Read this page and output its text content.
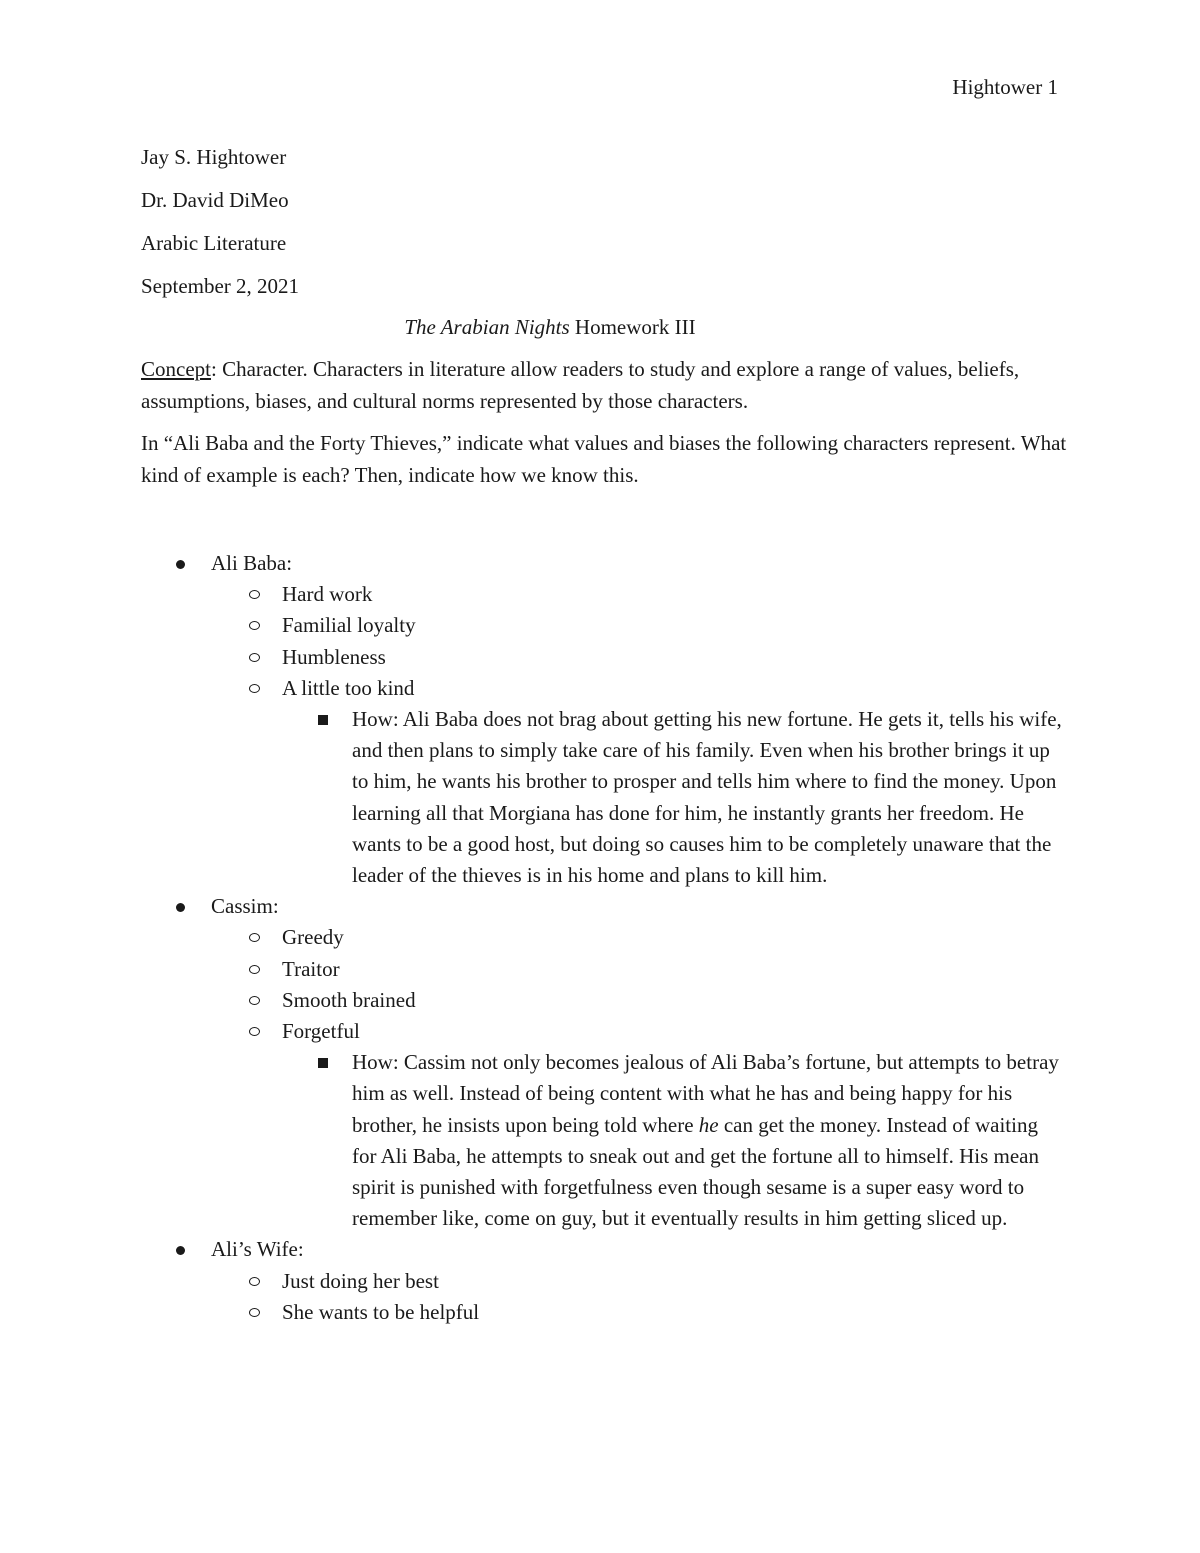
Hightower 1
Jay S. Hightower
Dr. David DiMeo
Arabic Literature
September 2, 2021
The Arabian Nights Homework III
Concept: Character. Characters in literature allow readers to study and explore a range of values, beliefs, assumptions, biases, and cultural norms represented by those characters.
In “Ali Baba and the Forty Thieves,” indicate what values and biases the following characters represent. What kind of example is each? Then, indicate how we know this.
Ali Baba:
Hard work
Familial loyalty
Humbleness
A little too kind
How: Ali Baba does not brag about getting his new fortune. He gets it, tells his wife, and then plans to simply take care of his family. Even when his brother brings it up to him, he wants his brother to prosper and tells him where to find the money. Upon learning all that Morgiana has done for him, he instantly grants her freedom. He wants to be a good host, but doing so causes him to be completely unaware that the leader of the thieves is in his home and plans to kill him.
Cassim:
Greedy
Traitor
Smooth brained
Forgetful
How: Cassim not only becomes jealous of Ali Baba’s fortune, but attempts to betray him as well. Instead of being content with what he has and being happy for his brother, he insists upon being told where he can get the money. Instead of waiting for Ali Baba, he attempts to sneak out and get the fortune all to himself. His mean spirit is punished with forgetfulness even though sesame is a super easy word to remember like, come on guy, but it eventually results in him getting sliced up.
Ali’s Wife:
Just doing her best
She wants to be helpful
